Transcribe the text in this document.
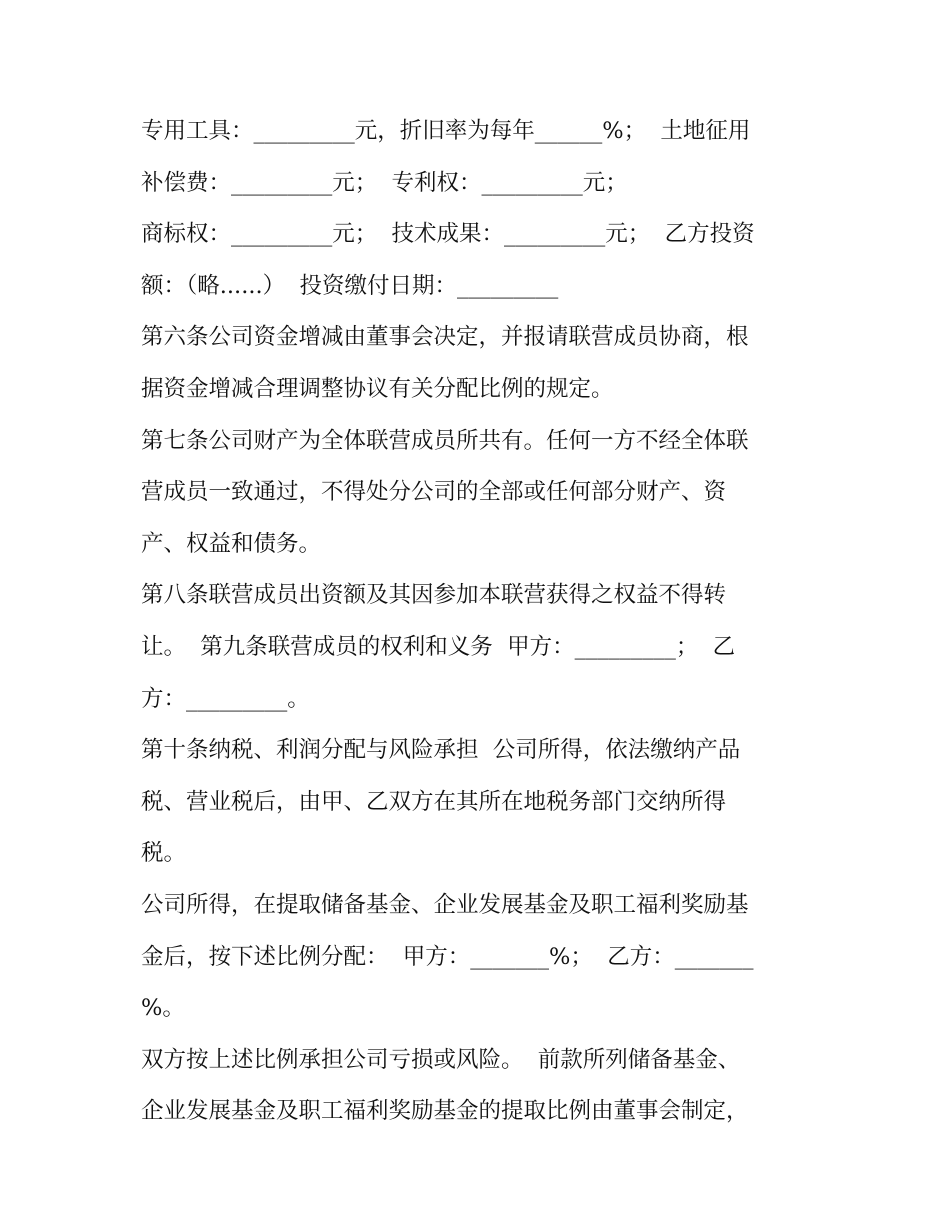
专用工具：_________元，折旧率为每年______%；  土地征用
补偿费：_________元；  专利权：_________元；
商标权：_________元；  技术成果：_________元；  乙方投资
额：（略......）  投资缴付日期：_________
第六条公司资金增减由董事会决定，并报请联营成员协商，根
据资金增减合理调整协议有关分配比例的规定。
第七条公司财产为全体联营成员所共有。任何一方不经全体联
营成员一致通过，不得处分公司的全部或任何部分财产、资
产、权益和债务。
第八条联营成员出资额及其因参加本联营获得之权益不得转
让。  第九条联营成员的权利和义务  甲方：_________；  乙
方：_________。
第十条纳税、利润分配与风险承担  公司所得，依法缴纳产品
税、营业税后，由甲、乙双方在其所在地税务部门交纳所得
税。
公司所得，在提取储备基金、企业发展基金及职工福利奖励基
金后，按下述比例分配：  甲方：_______%；  乙方：_______
%。
双方按上述比例承担公司亏损或风险。  前款所列储备基金、
企业发展基金及职工福利奖励基金的提取比例由董事会制定，
